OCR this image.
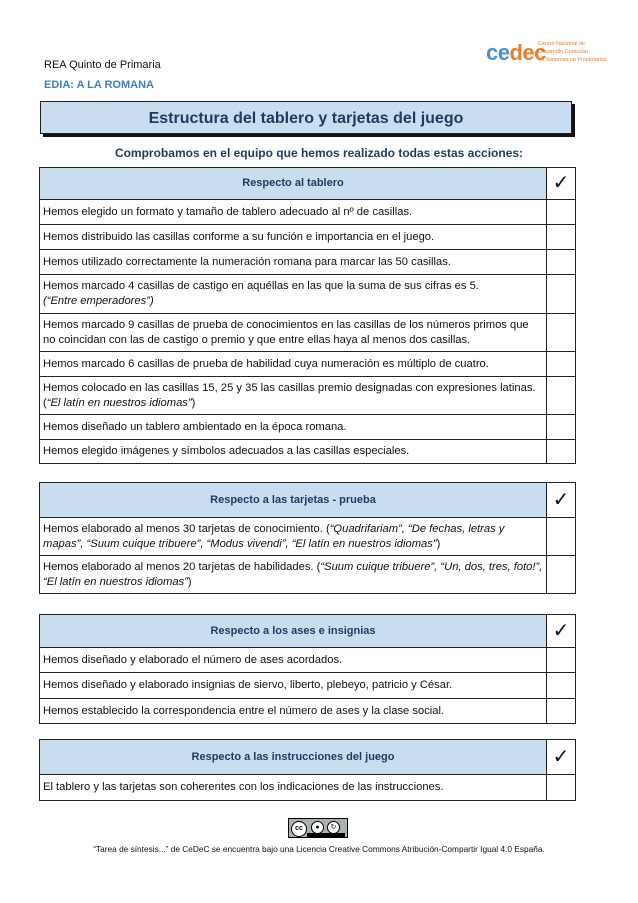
REA Quinto de Primaria
EDIA: A LA ROMANA
cedec
Centro Nacional de
Desarrollo Curricular
en Sistemas no Propietarios
Estructura del tablero y tarjetas del juego
Comprobamos en el equipo que hemos realizado todas estas acciones:
Respecto al tablero	✓
Hemos elegido un formato y tamaño de tablero adecuado al nº de casillas.	
Hemos distribuido las casillas conforme a su función e importancia en el juego.	
Hemos utilizado correctamente la numeración romana para marcar las 50 casillas.	
Hemos marcado 4 casillas de castigo en aquéllas en las que la suma de sus cifras es 5.
(“Entre emperadores”)	
Hemos marcado 9 casillas de prueba de conocimientos en las casillas de los números primos que no coincidan con las de castigo o premio y que entre ellas haya al menos dos casillas.	
Hemos marcado 6 casillas de prueba de habilidad cuya numeración es múltiplo de cuatro.	
Hemos colocado en las casillas 15, 25 y 35 las casillas premio designadas con expresiones latinas.(“El latín en nuestros idiomas”)	
Hemos diseñado un tablero ambientado en la época romana.	
Hemos elegido imágenes y símbolos adecuados a las casillas especiales.	
Respecto a las tarjetas - prueba	✓
Hemos elaborado al menos 30 tarjetas de conocimiento. (“Quadrifariam”, “De fechas, letras y mapas”, “Suum cuique tribuere”, “Modus vivendi”, “El latín en nuestros idiomas”)	
Hemos elaborado al menos 20 tarjetas de habilidades. (“Suum cuique tribuere”, “Un, dos, tres, foto!”, “El latín en nuestros idiomas”)	
Respecto a los ases e insignias	✓
Hemos diseñado y elaborado el número de ases acordados.	
Hemos diseñado y elaborado insignias de siervo, liberto, plebeyo, patricio y César.	
Hemos establecido la correspondencia entre el número de ases y la clase social.	
Respecto a las instrucciones del juego	✓
El tablero y las tarjetas son coherentes con los indicaciones de las instrucciones.	
cc	●	↻
“Tarea de síntesis...” de CeDeC se encuentra bajo una Licencia Creative Commons Atribución-Compartir Igual 4.0 España.
